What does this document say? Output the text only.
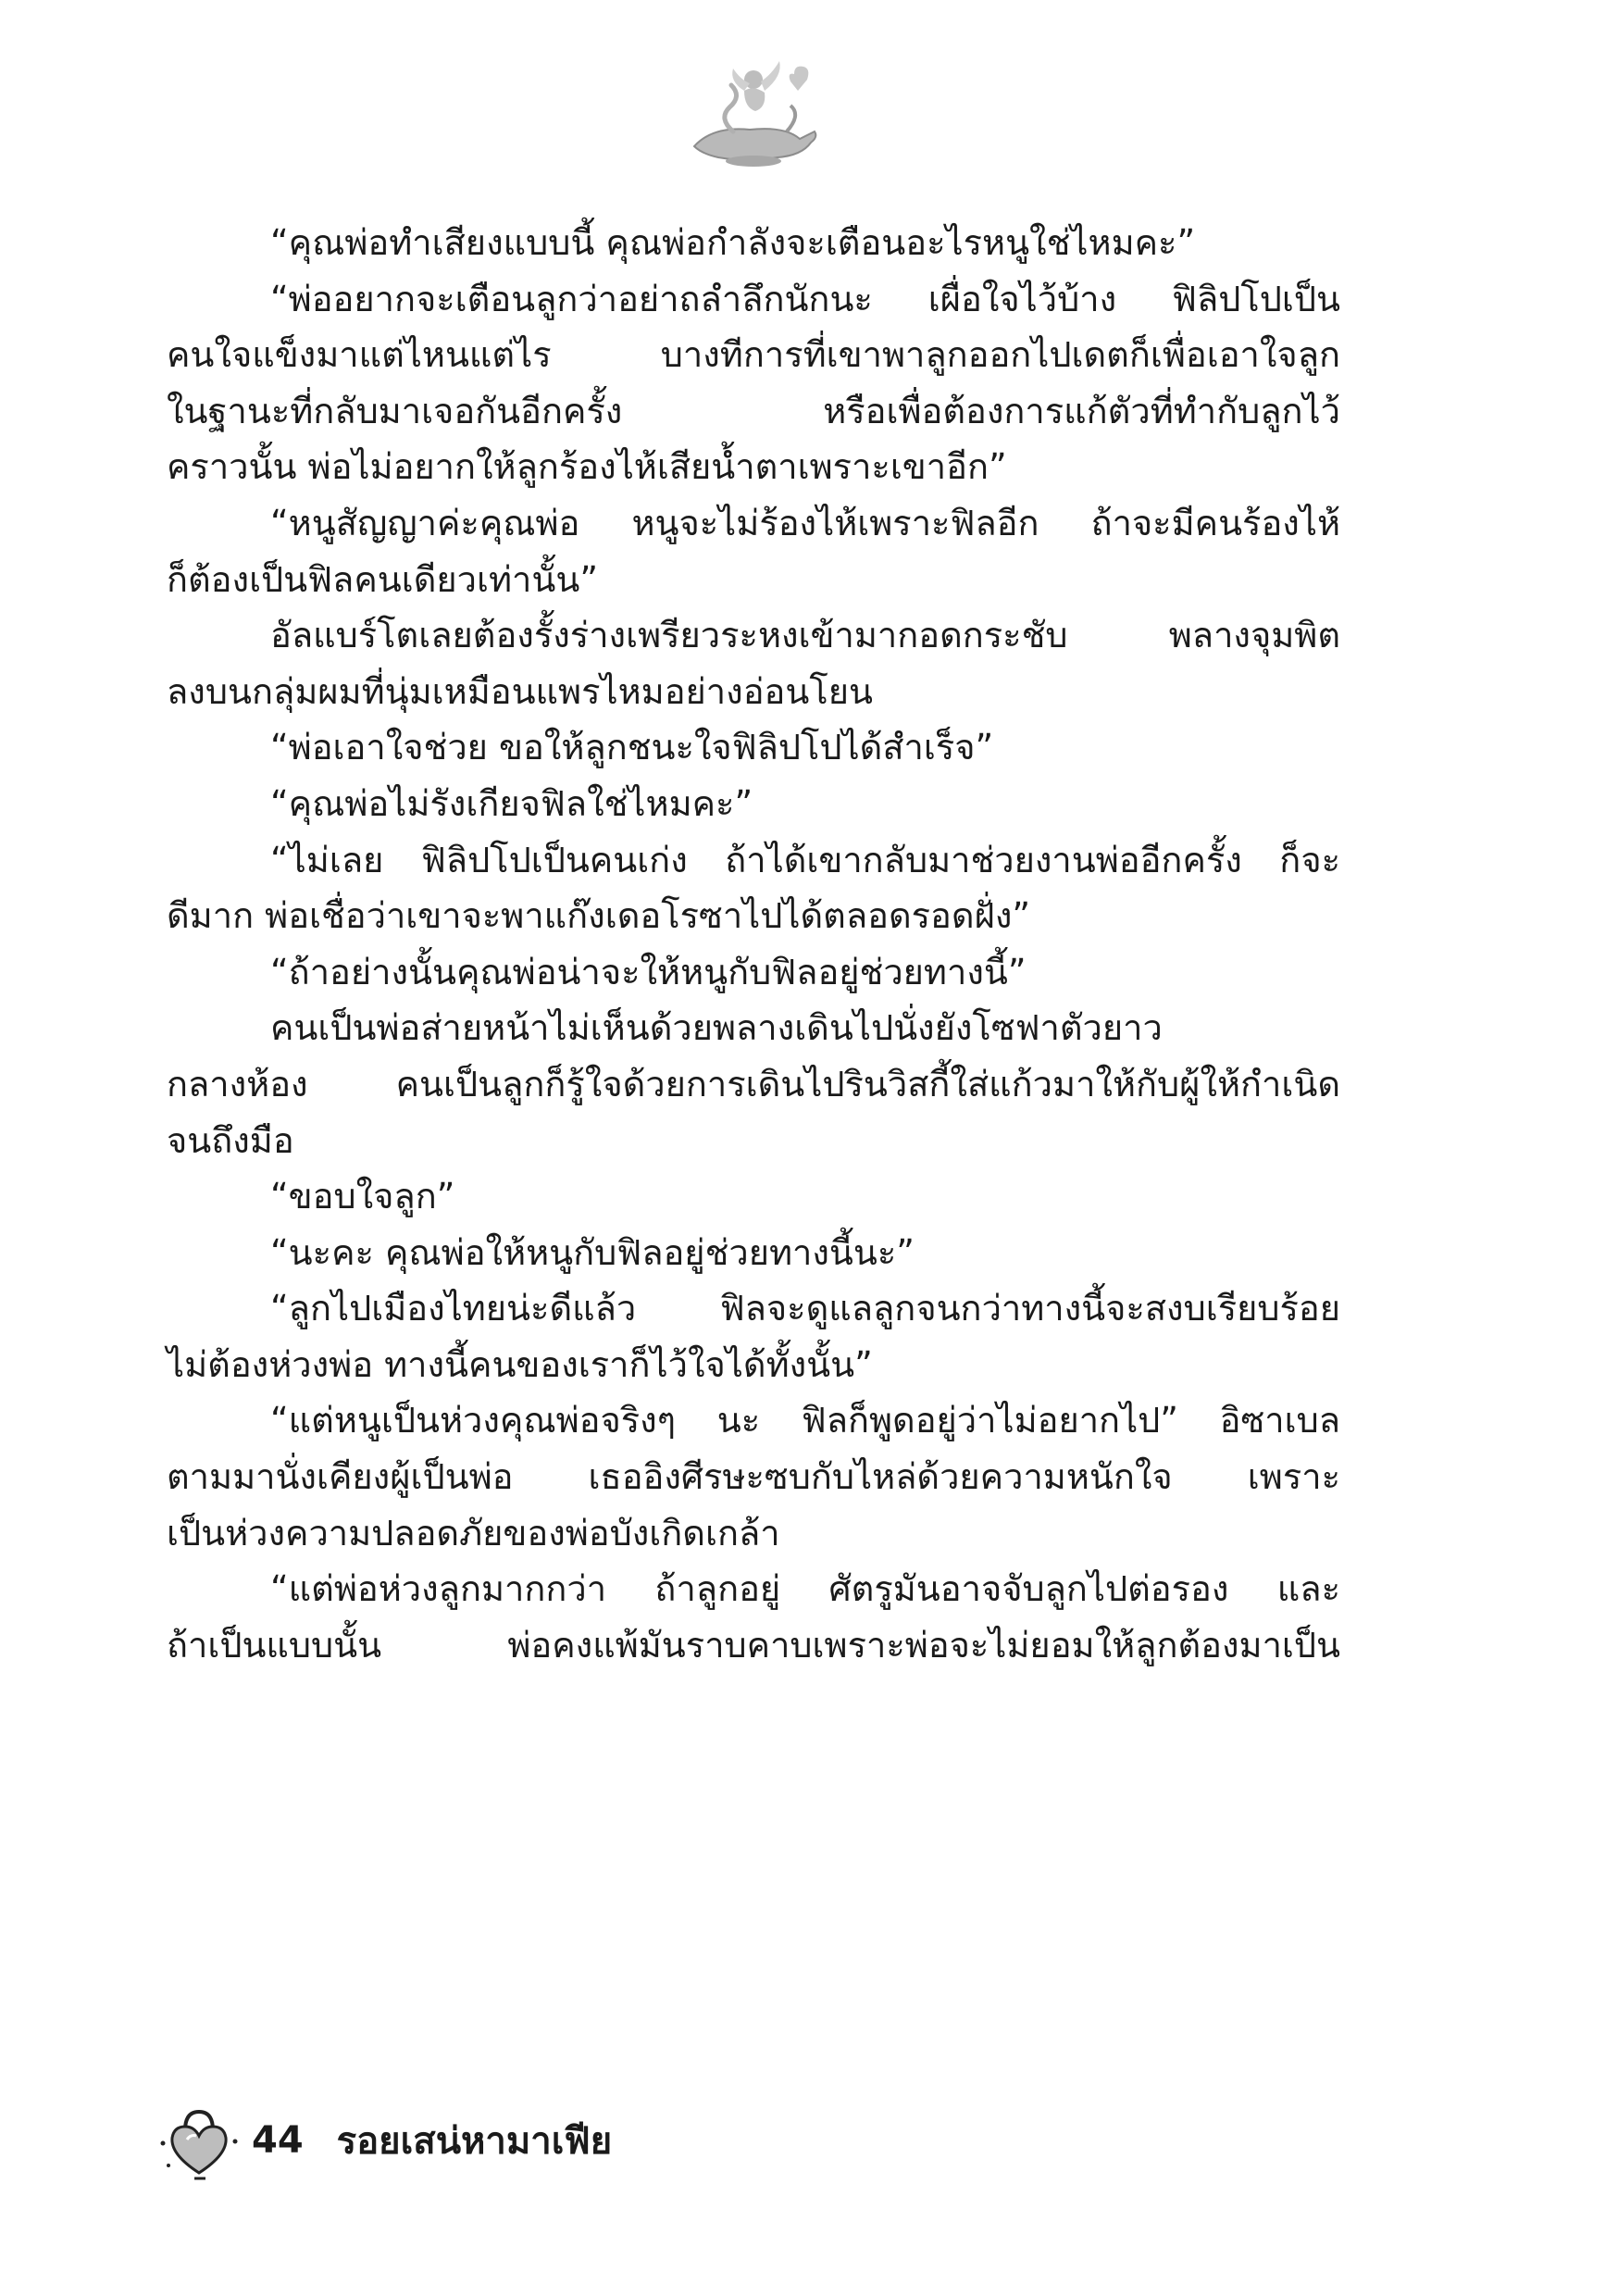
“คุณพ่อทำเสียงแบบนี้ คุณพ่อกำลังจะเตือนอะไรหนูใช่ไหมคะ”
“พ่ออยากจะเตือนลูกว่าอย่าถลำลึกนักนะ เผื่อใจไว้บ้าง ฟิลิปโปเป็น
คนใจแข็งมาแต่ไหนแต่ไร บางทีการที่เขาพาลูกออกไปเดตก็เพื่อเอาใจลูก
ในฐานะที่กลับมาเจอกันอีกครั้ง หรือเพื่อต้องการแก้ตัวที่ทำกับลูกไว้
คราวนั้น พ่อไม่อยากให้ลูกร้องไห้เสียน้ำตาเพราะเขาอีก”
“หนูสัญญาค่ะคุณพ่อ หนูจะไม่ร้องไห้เพราะฟิลอีก ถ้าจะมีคนร้องไห้
ก็ต้องเป็นฟิลคนเดียวเท่านั้น”
อัลแบร์โตเลยต้องรั้งร่างเพรียวระหงเข้ามากอดกระชับ พลางจุมพิต
ลงบนกลุ่มผมที่นุ่มเหมือนแพรไหมอย่างอ่อนโยน
“พ่อเอาใจช่วย ขอให้ลูกชนะใจฟิลิปโปได้สำเร็จ”
“คุณพ่อไม่รังเกียจฟิลใช่ไหมคะ”
“ไม่เลย ฟิลิปโปเป็นคนเก่ง ถ้าได้เขากลับมาช่วยงานพ่ออีกครั้ง ก็จะ
ดีมาก พ่อเชื่อว่าเขาจะพาแก๊งเดอโรซาไปได้ตลอดรอดฝั่ง”
“ถ้าอย่างนั้นคุณพ่อน่าจะให้หนูกับฟิลอยู่ช่วยทางนี้”
คนเป็นพ่อส่ายหน้าไม่เห็นด้วยพลางเดินไปนั่งยังโซฟาตัวยาว
กลางห้อง คนเป็นลูกก็รู้ใจด้วยการเดินไปรินวิสกี้ใส่แก้วมาให้กับผู้ให้กำเนิด
จนถึงมือ
“ขอบใจลูก”
“นะคะ คุณพ่อให้หนูกับฟิลอยู่ช่วยทางนี้นะ”
“ลูกไปเมืองไทยน่ะดีแล้ว ฟิลจะดูแลลูกจนกว่าทางนี้จะสงบเรียบร้อย
ไม่ต้องห่วงพ่อ ทางนี้คนของเราก็ไว้ใจได้ทั้งนั้น”
“แต่หนูเป็นห่วงคุณพ่อจริงๆ นะ ฟิลก็พูดอยู่ว่าไม่อยากไป” อิซาเบล
ตามมานั่งเคียงผู้เป็นพ่อ เธออิงศีรษะซบกับไหล่ด้วยความหนักใจ เพราะ
เป็นห่วงความปลอดภัยของพ่อบังเกิดเกล้า
“แต่พ่อห่วงลูกมากกว่า ถ้าลูกอยู่ ศัตรูมันอาจจับลูกไปต่อรอง และ
ถ้าเป็นแบบนั้น พ่อคงแพ้มันราบคาบเพราะพ่อจะไม่ยอมให้ลูกต้องมาเป็น
44 รอยเสน่หามาเฟีย
